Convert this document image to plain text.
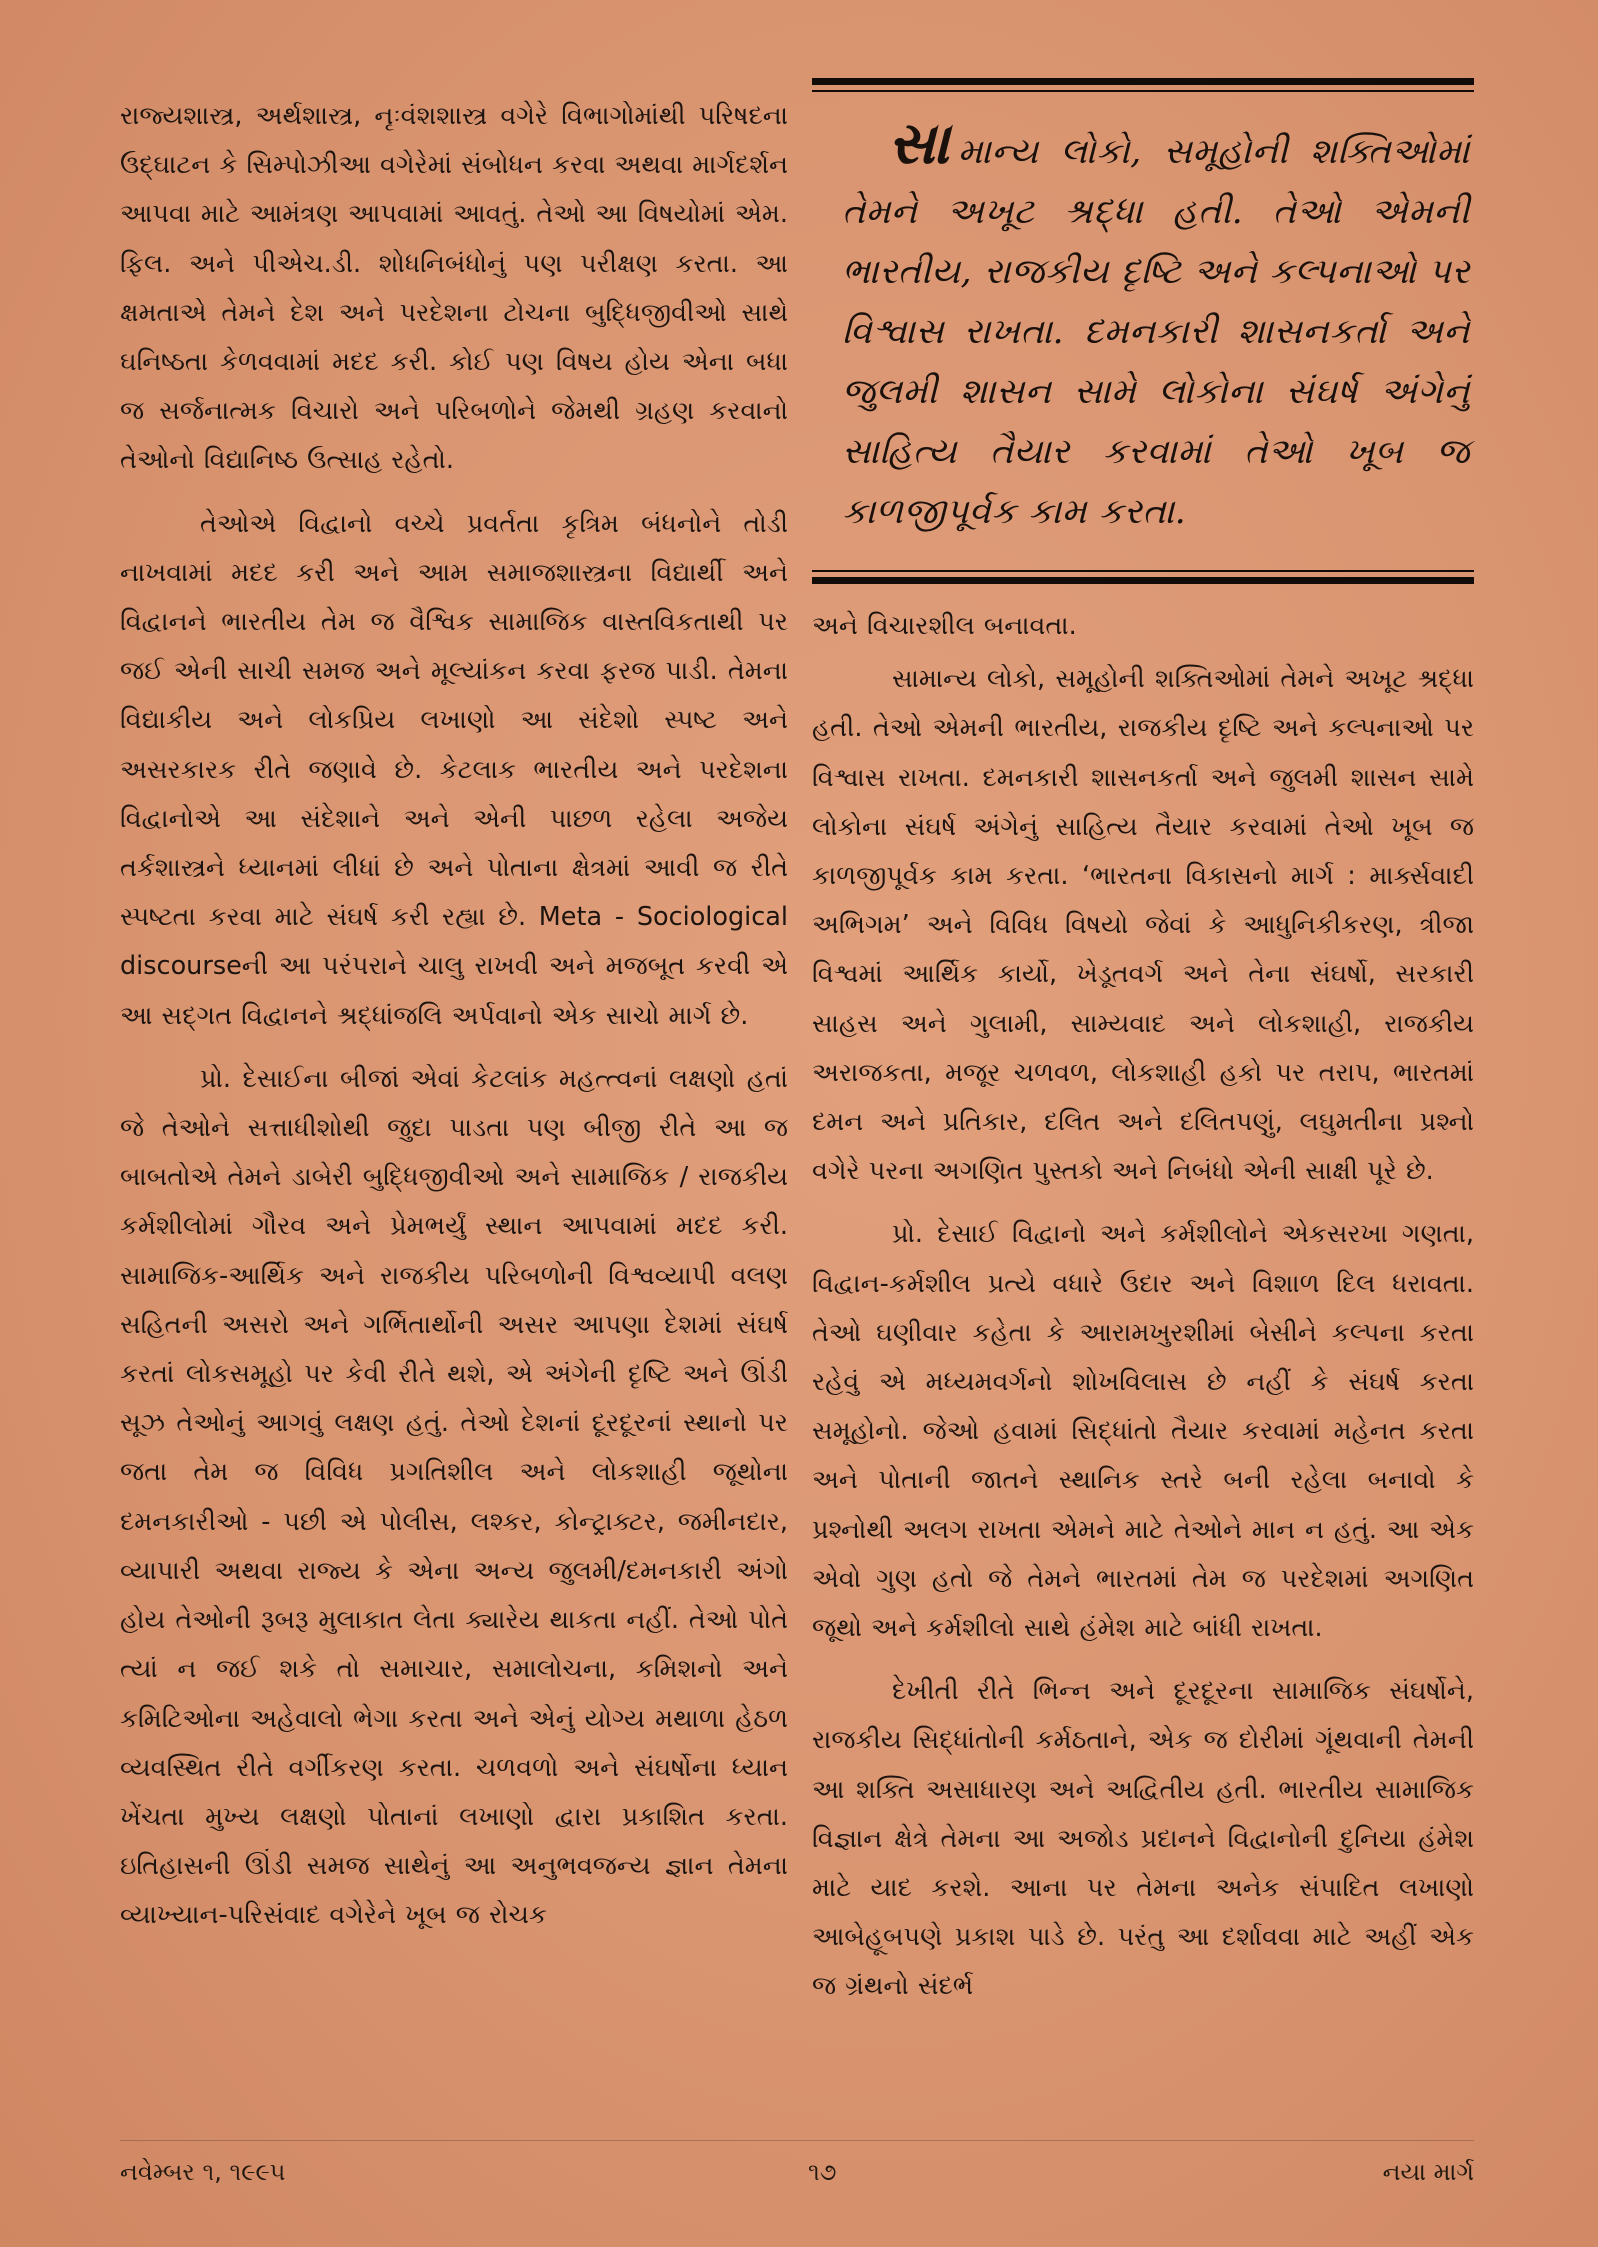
રાજ્યશાસ્ત્ર, અર્થશાસ્ત્ર, નૃઃવંશશાસ્ત્ર વગેરે વિભાગોમાંથી પરિષદના ઉદ્ઘાટન કે સિમ્પોઝીઆ વગેરેમાં સંબોધન કરવા અથવા માર્ગદર્શન આપવા માટે આમંત્રણ આપવામાં આવતું. તેઓ આ વિષયોમાં એમ. ફિલ. અને પીએચ.ડી. શોધનિબંધોનું પણ પરીક્ષણ કરતા. આ ક્ષમતાએ તેમને દેશ અને પરદેશના ટોચના બુદ્ધિજીવીઓ સાથે ઘનિષ્ઠતા કેળવવામાં મદદ કરી. કોઈ પણ વિષય હોય એના બધા જ સર્જનાત્મક વિચારો અને પરિબળોને જેમથી ગ્રહણ કરવાનો તેઓનો વિદ્યાનિષ્ઠ ઉત્સાહ રહેતો.

તેઓએ વિદ્વાનો વચ્ચે પ્રવર્તતા કૃત્રિમ બંધનોને તોડી નાખવામાં મદદ કરી અને આમ સમાજશાસ્ત્રના વિદ્યાર્થી અને વિદ્વાનને ભારતીય તેમ જ વૈશ્વિક સામાજિક વાસ્તવિકતાથી પર જઈ એની સાચી સમજ અને મૂલ્યાંકન કરવા ફરજ પાડી. તેમના વિદ્યાકીય અને લોકપ્રિય લખાણો આ સંદેશો સ્પષ્ટ અને અસરકારક રીતે જણાવે છે. કેટલાક ભારતીય અને પરદેશના વિદ્વાનોએ આ સંદેશાને અને એની પાછળ રહેલા અજેય તર્કશાસ્ત્રને ધ્યાનમાં લીધાં છે અને પોતાના ક્ષેત્રમાં આવી જ રીતે સ્પષ્ટતા કરવા માટે સંઘર્ષ કરી રહ્યા છે. Meta - Sociological discourseની આ પરંપરાને ચાલુ રાખવી અને મજબૂત કરવી એ આ સદ્ગત વિદ્વાનને શ્રદ્ધાંજલિ અર્પવાનો એક સાચો માર્ગ છે.

પ્રો. દેસાઈના બીજાં એવાં કેટલાંક મહત્ત્વનાં લક્ષણો હતાં જે તેઓને સત્તાધીશોથી જુદા પાડતા પણ બીજી રીતે આ જ બાબતોએ તેમને ડાબેરી બુદ્ધિજીવીઓ અને સામાજિક / રાજકીય કર્મશીલોમાં ગૌરવ અને પ્રેમભર્યું સ્થાન આપવામાં મદદ કરી. સામાજિક-આર્થિક અને રાજકીય પરિબળોની વિશ્વવ્યાપી વલણ સહિતની અસરો અને ગર્ભિતાર્થોની અસર આપણા દેશમાં સંઘર્ષ કરતાં લોકસમૂહો પર કેવી રીતે થશે, એ અંગેની દૃષ્ટિ અને ઊંડી સૂઝ તેઓનું આગવું લક્ષણ હતું. તેઓ દેશનાં દૂરદૂરનાં સ્થાનો પર જતા તેમ જ વિવિધ પ્રગતિશીલ અને લોકશાહી જૂથોના દમનકારીઓ - પછી એ પોલીસ, લશ્કર, કોન્ટ્રાક્ટર, જમીનદાર, વ્યાપારી અથવા રાજ્ય કે એના અન્ય જુલમી/દમનકારી અંગો હોય તેઓની રૂબરૂ મુલાકાત લેતા ક્યારેય થાકતા નહીં. તેઓ પોતે ત્યાં ન જઈ શકે તો સમાચાર, સમાલોચના, કમિશનો અને કમિટિઓના અહેવાલો ભેગા કરતા અને એનું યોગ્ય મથાળા હેઠળ વ્યવસ્થિત રીતે વર્ગીકરણ કરતા. ચળવળો અને સંઘર્ષોના ધ્યાન ખેંચતા મુખ્ય લક્ષણો પોતાનાં લખાણો દ્વારા પ્રકાશિત કરતા. ઇતિહાસની ઊંડી સમજ સાથેનું આ અનુભવજન્ય જ્ઞાન તેમના વ્યાખ્યાન-પરિસંવાદ વગેરેને ખૂબ જ રોચક

સામાન્ય લોકો, સમૂહોની શક્તિઓમાં તેમને અખૂટ શ્રદ્ધા હતી. તેઓ એમની ભારતીય, રાજકીય દૃષ્ટિ અને કલ્પનાઓ પર વિશ્વાસ રાખતા. દમનકારી શાસનકર્તા અને જુલમી શાસન સામે લોકોના સંઘર્ષ અંગેનું સાહિત્ય તૈયાર કરવામાં તેઓ ખૂબ જ કાળજીપૂર્વક કામ કરતા.

અને વિચારશીલ બનાવતા.

સામાન્ય લોકો, સમૂહોની શક્તિઓમાં તેમને અખૂટ શ્રદ્ધા હતી. તેઓ એમની ભારતીય, રાજકીય દૃષ્ટિ અને કલ્પનાઓ પર વિશ્વાસ રાખતા. દમનકારી શાસનકર્તા અને જુલમી શાસન સામે લોકોના સંઘર્ષ અંગેનું સાહિત્ય તૈયાર કરવામાં તેઓ ખૂબ જ કાળજીપૂર્વક કામ કરતા. ‘ભારતના વિકાસનો માર્ગ : માર્ક્સવાદી અભિગમ’ અને વિવિધ વિષયો જેવાં કે આધુનિકીકરણ, ત્રીજા વિશ્વમાં આર્થિક કાર્યો, ખેડૂતવર્ગ અને તેના સંઘર્ષો, સરકારી સાહસ અને ગુલામી, સામ્યવાદ અને લોકશાહી, રાજકીય અરાજકતા, મજૂર ચળવળ, લોકશાહી હકો પર તરાપ, ભારતમાં દમન અને પ્રતિકાર, દલિત અને દલિતપણું, લઘુમતીના પ્રશ્નો વગેરે પરના અગણિત પુસ્તકો અને નિબંધો એની સાક્ષી પૂરે છે.

પ્રો. દેસાઈ વિદ્વાનો અને કર્મશીલોને એકસરખા ગણતા, વિદ્વાન-કર્મશીલ પ્રત્યે વધારે ઉદાર અને વિશાળ દિલ ધરાવતા. તેઓ ઘણીવાર કહેતા કે આરામખુરશીમાં બેસીને કલ્પના કરતા રહેવું એ મધ્યમવર્ગનો શોખવિલાસ છે નહીં કે સંઘર્ષ કરતા સમૂહોનો. જેઓ હવામાં સિદ્ધાંતો તૈયાર કરવામાં મહેનત કરતા અને પોતાની જાતને સ્થાનિક સ્તરે બની રહેલા બનાવો કે પ્રશ્નોથી અલગ રાખતા એમને માટે તેઓને માન ન હતું. આ એક એવો ગુણ હતો જે તેમને ભારતમાં તેમ જ પરદેશમાં અગણિત જૂથો અને કર્મશીલો સાથે હંમેશ માટે બાંધી રાખતા.

દેખીતી રીતે ભિન્ન અને દૂરદૂરના સામાજિક સંઘર્ષોને, રાજકીય સિદ્ધાંતોની કર્મઠતાને, એક જ દોરીમાં ગૂંથવાની તેમની આ શક્તિ અસાધારણ અને અદ્વિતીય હતી. ભારતીય સામાજિક વિજ્ઞાન ક્ષેત્રે તેમના આ અજોડ પ્રદાનને વિદ્વાનોની દુનિયા હંમેશ માટે યાદ કરશે. આના પર તેમના અનેક સંપાદિત લખાણો આબેહૂબપણે પ્રકાશ પાડે છે. પરંતુ આ દર્શાવવા માટે અહીં એક જ ગ્રંથનો સંદર્ભ

નવેમ્બર ૧, ૧૯૯૫	૧૭	નયા માર્ગ
